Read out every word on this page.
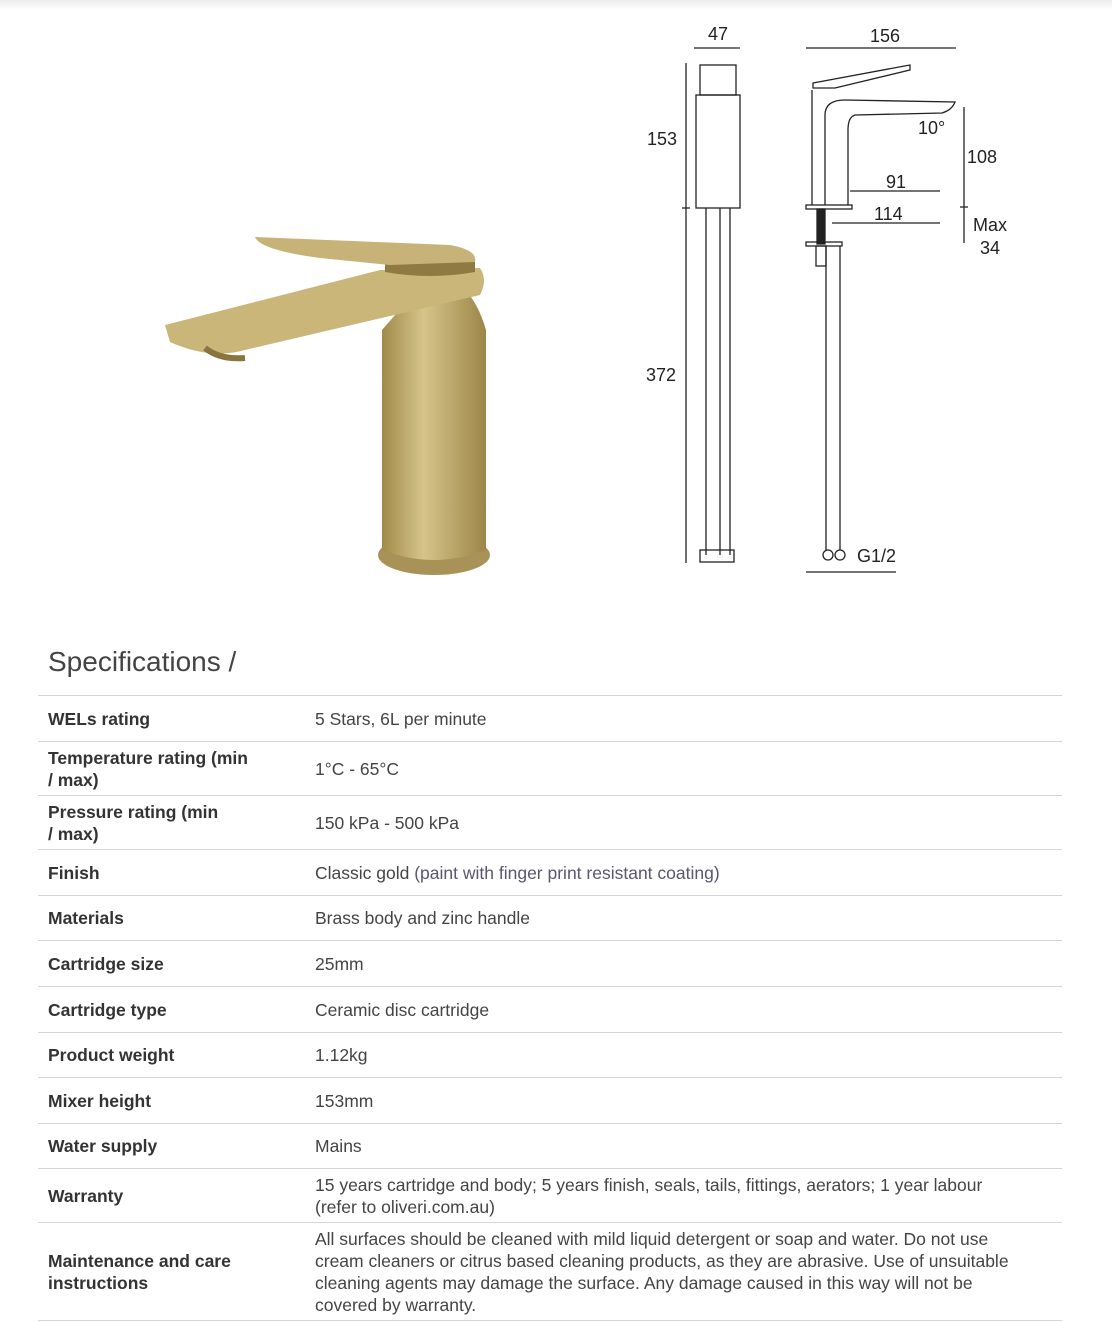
47
153
372
156
91
114
10°
108
Max
34
G1/2
Specifications /
WELs rating	5 Stars, 6L per minute
Temperature rating (min / max)	1°C - 65°C
Pressure rating (min / max)	150 kPa - 500 kPa
Finish	Classic gold (paint with finger print resistant coating)
Materials	Brass body and zinc handle
Cartridge size	25mm
Cartridge type	Ceramic disc cartridge
Product weight	1.12kg
Mixer height	153mm
Water supply	Mains
Warranty	15 years cartridge and body; 5 years finish, seals, tails, fittings, aerators; 1 year labour (refer to oliveri.com.au)
Maintenance and care instructions	All surfaces should be cleaned with mild liquid detergent or soap and water. Do not use cream cleaners or citrus based cleaning products, as they are abrasive. Use of unsuitable cleaning agents may damage the surface. Any damage caused in this way will not be covered by warranty.
